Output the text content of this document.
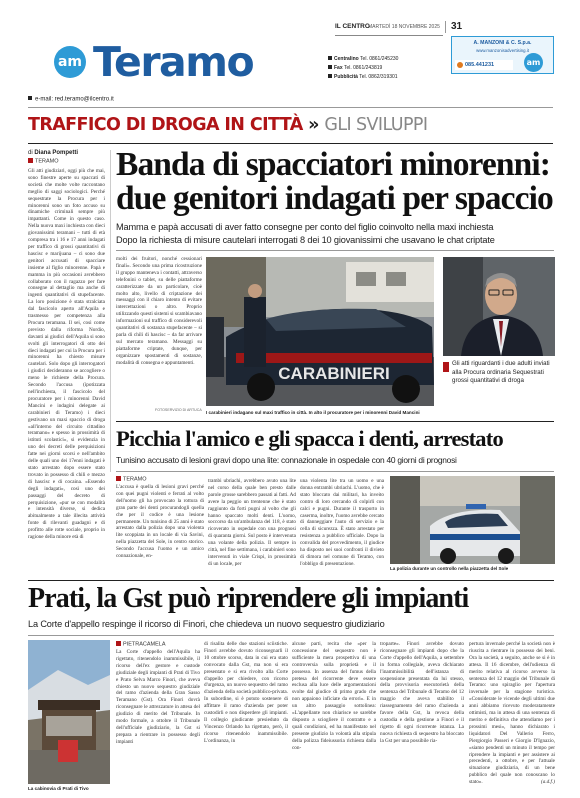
am Teramo
IL CENTRO
MARTEDÌ 18 NOVEMBRE 2025 31
Centralino Tel. 0861/245230
Fax Tel. 0861/243819
Pubblicità Tel. 0862/319301
A. MANZONI & C. S.p.a.
www.manzonisadvertising.it
085.441231	am
e-mail: red.teramo@ilcentro.it
TRAFFICO DI DROGA IN CITTÀ » GLI SVILUPPI
di Diana Pompetti
TERAMO
Gli atti giudiziari, oggi più che mai, sono finestre aperte su spaccati di società che molte volte raccontano meglio di saggi sociologici. Perché sequestrate la Procura per i minorenni sono un foto accuso su dinamiche criminali sempre più impattanti. Come in questo caso. Nella nuova maxi inchiesta con dieci giovanissimi teramani – tutti di età compresa tra i 16 e 17 anni indagati per traffico di grossi quantitativi di hascisc e marijuana – ci sono due genitori accusati di spacciare insieme al figlio minorenne. Papà e mamma in più occasioni avrebbero collaborato con il ragazzo per fare consegne al dettaglio ma anche di ingenti quantitativi di stupefacente. La loro posizione è stata stralciata dal fascicolo aperto all'Aquila e trasmesso per competenza alla Procura teramana. Il sei, così come previsto dalla riforma Nordio, davanti ai giudici dell'Aquila si sono svolti gli interrogatori di otto dei dieci indagati per cui la Procura per i minorenni ha chiesto misure cautelari. Solo dopo gli interrogatori i giudici decideranno se accogliere o meno le richieste della Procura. Secondo l'accusa (ipotizzata nell'inchiesta, il fascicolo del procuratore per i minorenni David Mancini e indagini delegate ai carabinieri di Teramo) i dieci gestivano un maxi spaccio di droga «all'interno del circuito cittadino teramano» e spesso in prossimità di istituti scolastici», si evidenzia in uno dei decreti delle perquisizioni fatte nei giorni scorsi e nell'ambito delle quali uno dei 17enni indagati è stato arrestato dopo essere stato trovato in possesso di chili e mezzo di hascisc e di cocaina. «Essendo degli indagati», così uno dei passaggi del decreto di perquisizione, «pur se con modalità e intensità diverse, si dedica abitualmente a tale illecita attività fonte di rilevanti guadagni e di profitto alle rotte sociale, proprio in ragione della minore età di
Banda di spacciatori minorenni:
due genitori indagati per spaccio
Mamma e papà accusati di aver fatto consegne per conto del figlio coinvolto nella maxi inchiesta
Dopo la richiesta di misure cautelari interrogati 8 dei 10 giovanissimi che usavano le chat criptate
molti dei fruitori, nonché cessionari finali». Secondo una prima ricostruzione il gruppo manteneva i contatti, attraverso telefonini o tablet, su delle piattaforme caratterizzate da un particolare, cioè molto alto, livello di criptazione dei messaggi con il chiaro intento di evitare intercettazioni o altro. Proprio utilizzando questi sistemi si scambiavano informazioni sul traffico di considerevoli quantitativi di sostanza stupefacente – si parla di chili di hascisc – da far arrivare sul mercato teramano. Messaggi su piattaforme criptate, dunque, per organizzare spostamenti di sostanze, modalità di consegna e appuntamenti.
FOTOSERVIZIO DI ARTUCA
CARABINIERI
I carabinieri indagano sul maxi traffico in città. In alto il procuratore per i minorenni David Mancini
Gli atti riguardanti i due adulti inviati alla Procura ordinaria Sequestrati grossi quantitativi di droga
Picchia l'amico e gli spacca i denti, arrestato
Tunisino accusato di lesioni gravi dopo una lite: connazionale in ospedale con 40 giorni di prognosi
TERAMO
L'accusa è quella di lesioni gravi perché con quei pugni violenti e ferrati al volto dell'uomo gli ha provocato la rottura di gran parte dei denti procurandogli quella che per il codice è una lesione permanente. Un tunisino di 25 anni è stato arrestato dalla polizia dopo una violenta lite scoppiata in un locale di via Savini, nella piazzetta del Sole, in centro storico. Secondo l'accusa l'uomo e un amico connazionale, en-
trambi ubriachi, avrebbero avuto una lite nel corso della quale ben presto dalle parole grosse sarebbero passati ai fatti. Ad avere la peggio un trentenne che è stato raggiunto da forti pugni al volto che gli hanno spaccato molti denti. L'uomo, soccorso da un'ambulanza del 118, è stato ricoverato in ospedale con una prognosi di quaranta giorni. Sul posto è intervenuta una volante della polizia. Il sempre in città, nel fine settimana, i carabinieri sono intervenuti in viale Crispi, in prossimità di un locale, per
una violenta lite tra un uomo e una donna entrambi ubriachi. L'uomo, che è stato bloccato dai militari, ha inveito contro di loro cercando di colpirli con calci e pugni. Durante il trasporto in caserma, inoltre, l'uomo avrebbe cercato di danneggiare l'auto di servizio e la cella di sicurezza. È stato arrestato per resistenza a pubblico ufficiale. Dopo la convalida del provvedimento, il giudice ha disposto nei suoi confronti il divieto di dimora nel comune di Teramo, con l'obbligo di presentazione.
La polizia durante un controllo nella piazzetta del Sole
Prati, la Gst può riprendere gli impianti
La Corte d'appello respinge il ricorso di Finori, che chiedeva un nuovo sequestro giudiziario
PIETRACAMELA
La cabinovia di Prati di Tivo
La Corte d'appello dell'Aquila ha rigettato, ritenendolo inammissibile, il ricorso dell'ex gestore e custode giudiziale degli impianti di Prati di Tivo e Prato Selva Marco Finori, che aveva chiesto un nuovo sequestro giudiziale del ramo d'azienda della Gran Sasso Teramano (Gst). Ora Finori dovrà riconsegnare le attrezzature in attesa del giudizio di merito del Tribunale. In modo formale, a ottobre il Tribunale dell'ufficiale giudiziario, la Gst si prepara a rientrare in possesso degli impianti
di risalita delle due stazioni sciistiche. Finori avrebbe dovuto riconsegnarli il 10 ottobre scorso, data in cui era stato convocato dalla Gst, ma non si era presentato e si era rivolto alla Corte d'appello per chiedere, con ricorso d'urgenza, un nuovo sequestro del ramo d'azienda della società pubblico-privata. In subordine, si è potuto sostenere di affittare il ramo d'azienda per poter custodirli e non disperdere gli impianti. Il collegio giudicante presieduto da Vincenzo Orlando ha rigettato, però, il ricorso ritenendolo inammissibile. L'ordinanza, in
alcune parti, recita che «per la concessione del sequestro non è sufficiente la mera prospettiva di una controversia sulla proprietà e il possesso. In assenza del fumus della pretesa del ricorrente deve essere esclusa alla luce delle argomentazioni svolte dal giudice di primo grado che non appaiono inficiate da errori». E in un altro passaggio sottolinea: «L'appellante non chiarisce se sarebbe disposto a sciogliere il contratto e a quali condizioni, ed ha manifestato nel presente giudizio la volontà alla stipula della polizza fideiussoria richiesta dalla con-
troparte». Finori avrebbe dovuto riconsegnare gli impianti dopo che la Corte d'appello dell'Aquila, a settembre in forma collegiale, aveva dichiarato l'inammissibilità dell'istanza di sospensione presentata da lui stesso, della provvisoria esecutorietà della sentenza del Tribunale di Teramo del 12 maggio che aveva stabilito il riassegnamento del ramo d'azienda a favore della Gst, la revoca della custodia e della gestione a Finori e il rigetto di ogni ricorrente istanza. La nuova richiesta di sequestro ha bloccato la Gst per una possibile ria-
pertura invernale perché la società non è riuscita a rientrare in possesso dei beni. Ora la società, a seguito, anche se si è in attesa. Il 16 dicembre, dell'udienza di merito relativa al ricorso avverso la sentenza del 12 maggio del Tribunale di Teramo: uno spiraglio per l'apertura invernale per la stagione turistica. «Considerate le vicende degli ultimi due anni abbiamo ricevuto moderatamente ottimisti, ma in attesa di una sentenza di merito e definitiva che attendiamo per i prossimi mesi», hanno dichiarato i liquidatori Del Vallerio Ferro, Piergiorgio Passeri e Giorgio D'Ignazio, «siamo pendenti un minuto il tempo per riprendere la impianti e per assistere ai precedenti, a ottobre, e per l'attuale situazione giudiziaria, di un bene pubblico del quale non conoscano lo stato».	(a.d.f.)
